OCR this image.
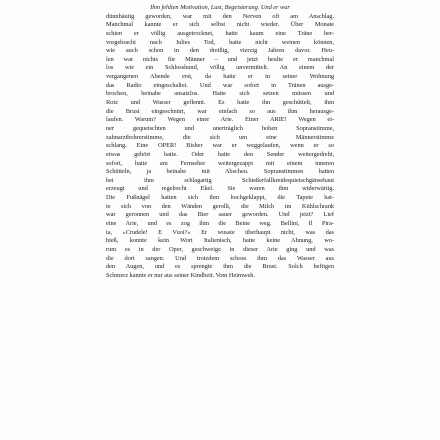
Ihm fehlten Motivation, Lust, Begeisterung. Und er war
dünnhäutig geworden, war mit den Nerven oft am Anschlag.
Manchmal kannte er sich selbst nicht wieder. Über Monate
schien er völlig ausgetrocknet, hatte kaum eine Träne her-
vorgebracht nach Julies Tod, hatte nicht weinen können,
wie auch schon in den dreißig, vierzig Jahren davor. Heu-
len war nichts für Männer – und jetzt heulte er manchmal
los wie ein Schlosshund, völlig unvermittelt. An einem der
vergangenen Abende erst, da hatte er in seiner Wohnung
das Radio eingeschaltet. Und war sofort in Tränen ausge-
brochen, beinahe ansatzlos. Hatte sich setzen müssen und
Rotz und Wasser geflennt. Es hatte ihn geschüttelt, ihm
die Brust eingeschnürt, war einfach so aus ihm herausge-
laufen. Warum? Wegen einer Arie. Einer ARIE! Wegen ei-
ner gequetschten und unerträglich hohen Sopranstimme,
zahnarztbohrerstimme, die sich um eine Männerstimme
schlang. Eine OPER! Bisher war er weggelaufen, wenn er so
etwas gehört hatte. Oder hatte den Sender weitergedreht,
sofort, hatte am Fernseher weitergezappt mit einem inneren
Schütteln, ja beinahe mit Abscheu. Sopranstimmen hatten
bei ihm schlagartig Schießerfallkreidequietschgänsehaut
erzeugt und regelrecht Ekel. Sie waren ihm widerwärtig.
Die Fußnägel hatten sich ihm hochgeklappt, die Tapete hat-
te sich von den Wänden gerollt, die Milch im Kühlschrank
war geronnen und das Bier sauer geworden. Und jetzt? Lief
eine Arie, und es zog ihm die Beine weg. Bellini, Il Pira-
ta, »Crudele! E Vuoi?« Er wusste überhaupt nicht, was das
hieß, konnte kein Wort Italienisch, hatte keine Ahnung, wo-
rum es in der Oper, geschweige in dieser Arie ging und was
die dort sangen. Und trotzdem schoss ihm das Wasser aus
den Augen, und es sprengte ihm die Brust. Solch heftigen
Schmerz kannte er nur aus seiner Kindheit. Vom Heimweh.
